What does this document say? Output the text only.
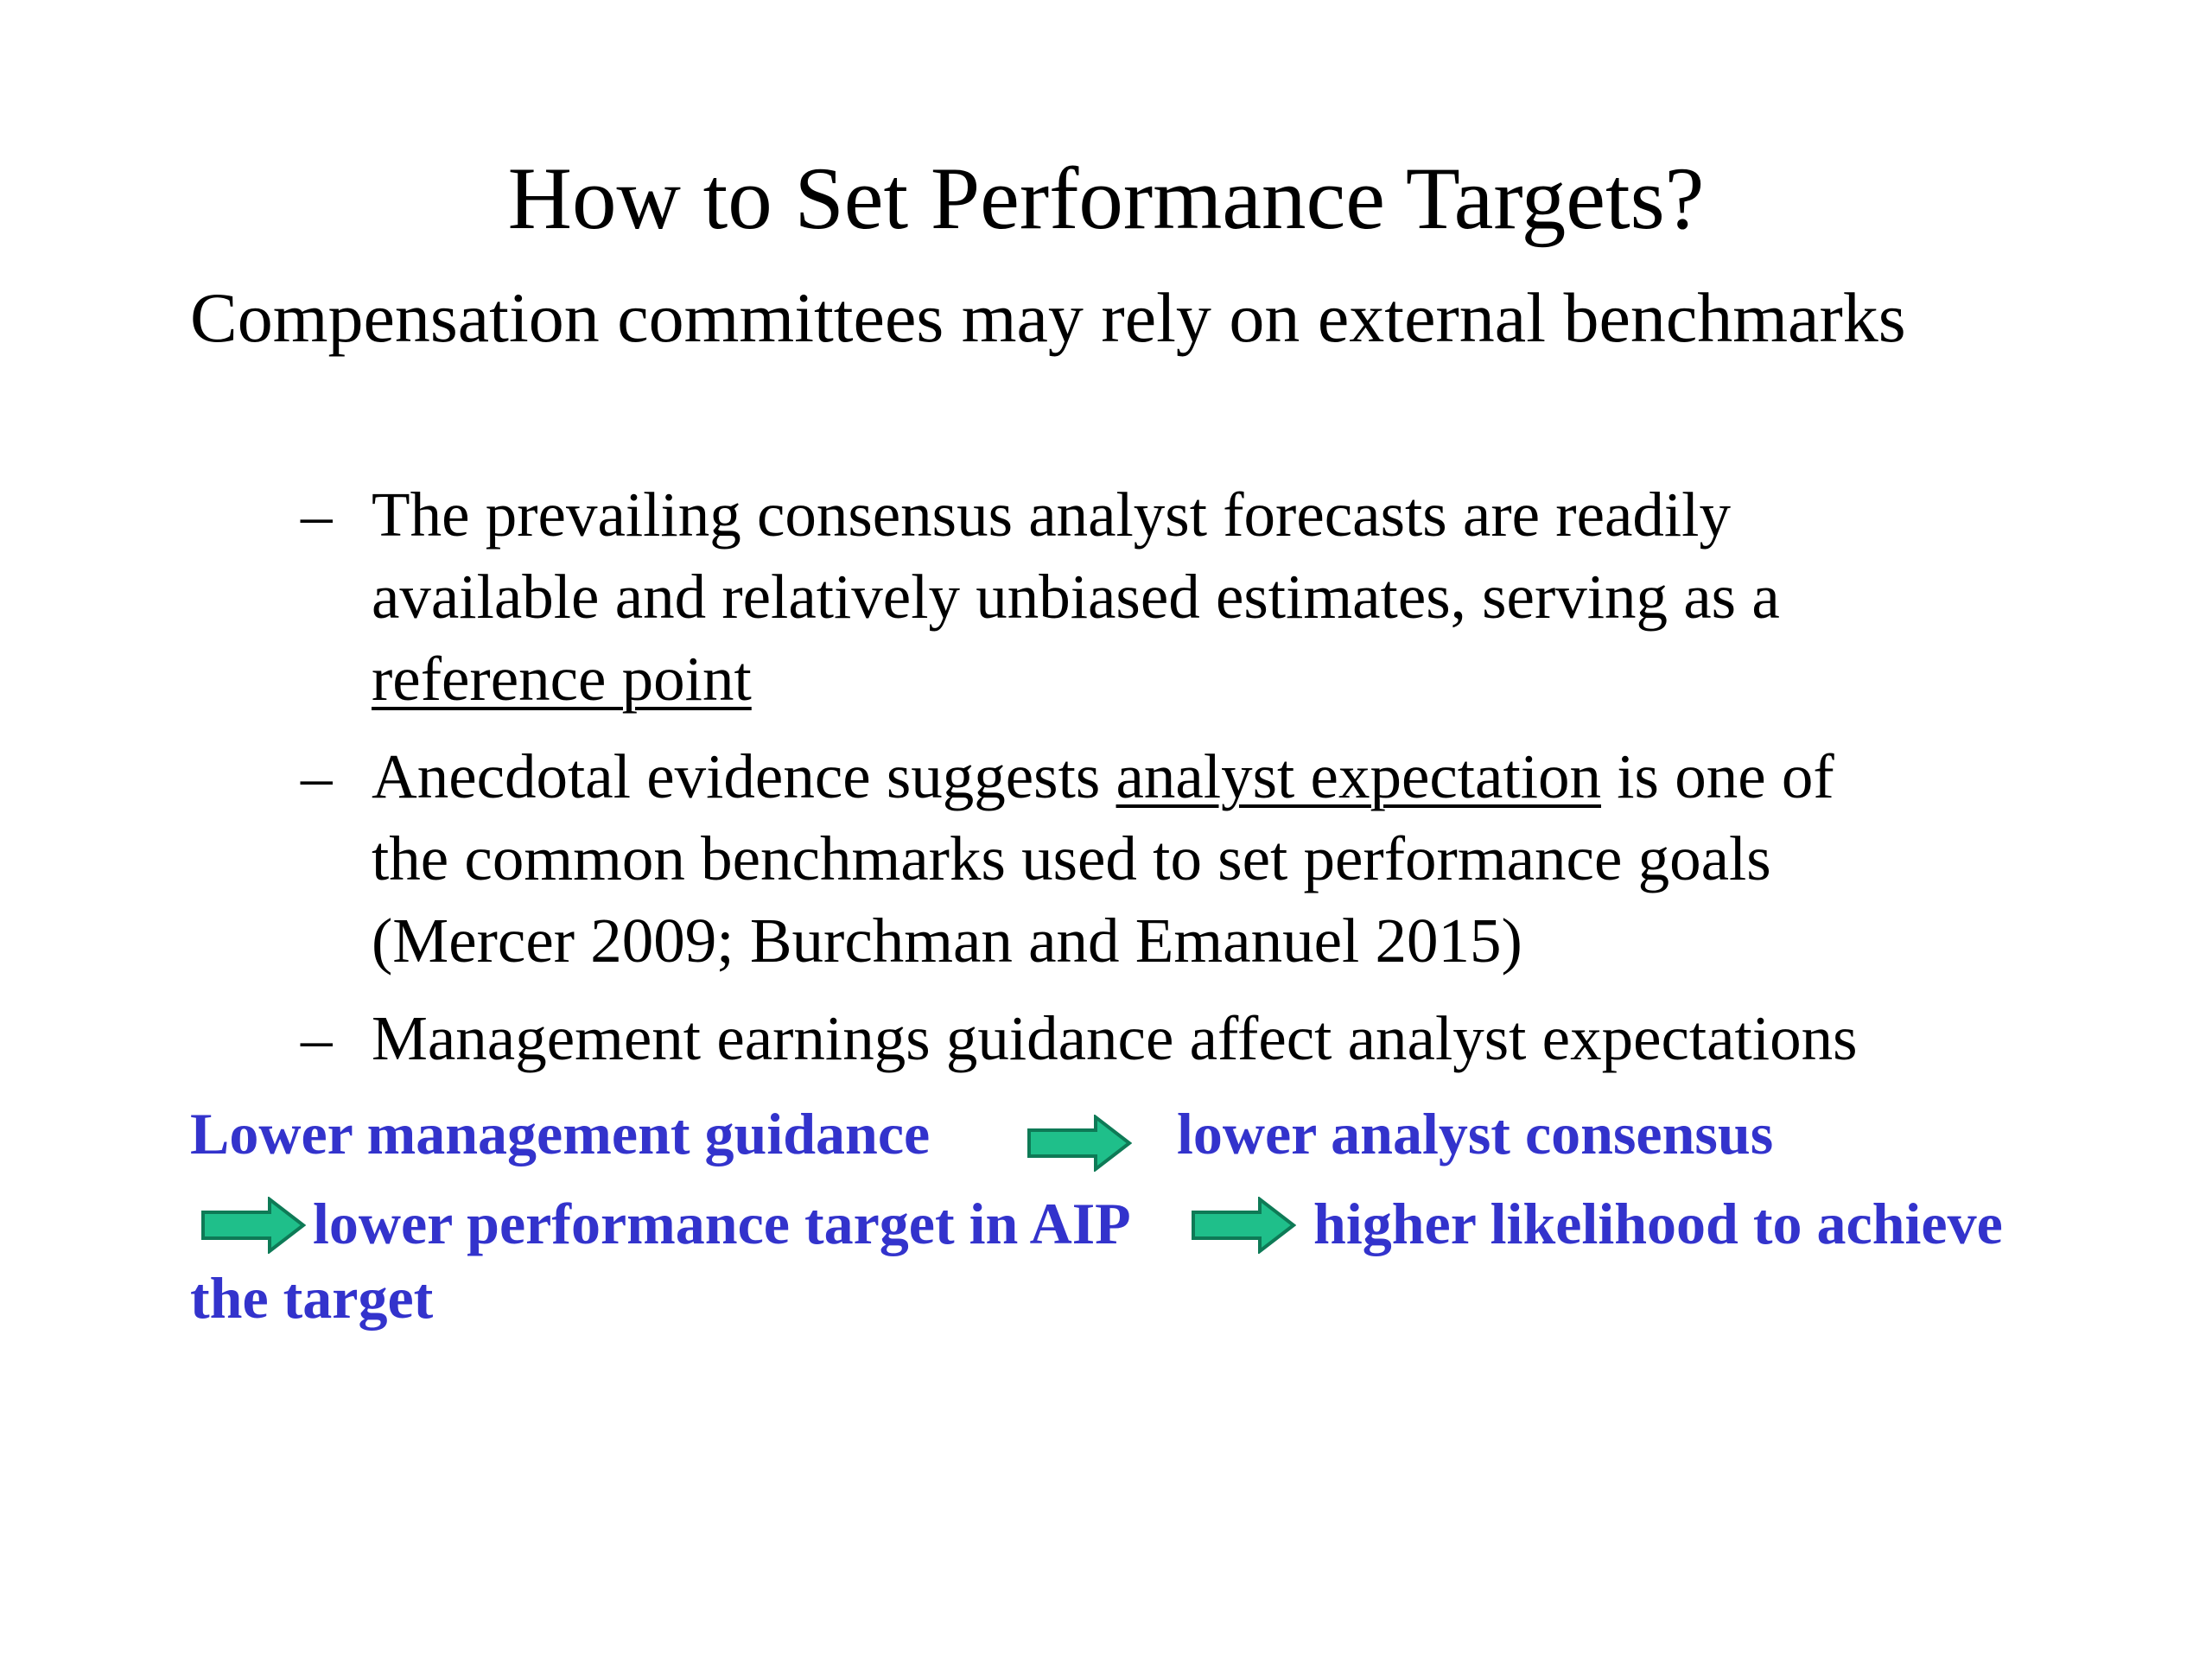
How to Set Performance Targets?
Compensation committees may rely on external benchmarks
– The prevailing consensus analyst forecasts are readily
available and relatively unbiased estimates, serving as a
reference point
– Anecdotal evidence suggests analyst expectation is one of
the common benchmarks used to set performance goals
(Mercer 2009; Burchman and Emanuel 2015)
– Management earnings guidance affect analyst expectations
Lower management guidance	lower analyst consensus
lower performance target in AIP	higher likelihood to achieve
the target
